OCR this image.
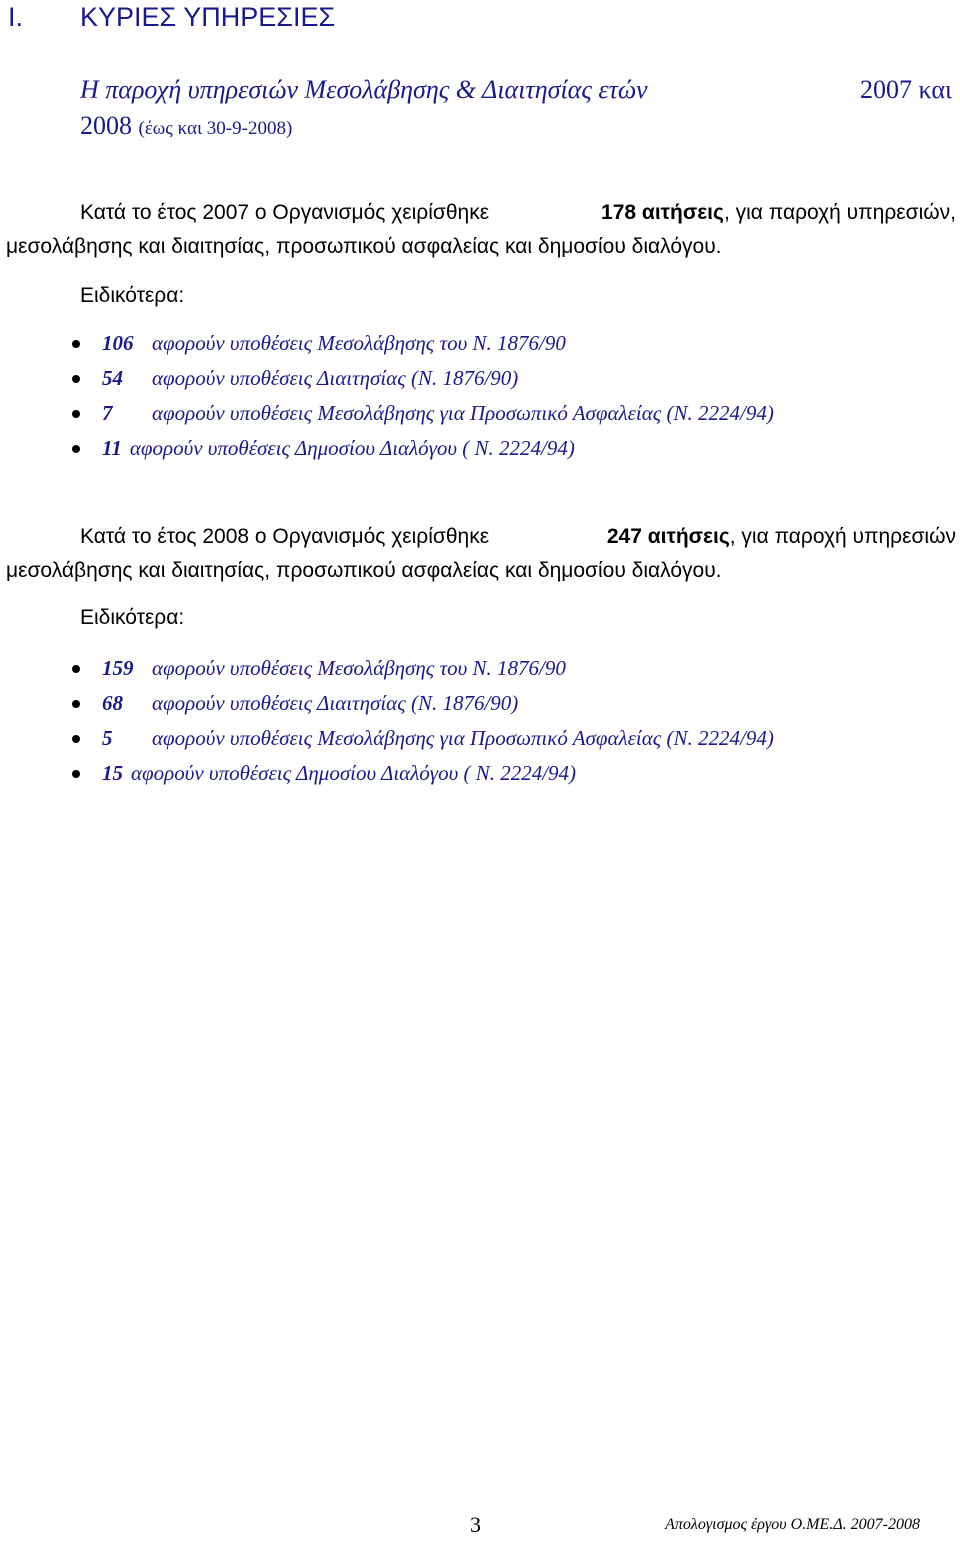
I. ΚΥΡΙΕΣ ΥΠΗΡΕΣΙΕΣ
Η παροχή υπηρεσιών Μεσολάβησης & Διαιτησίας ετών	2007 και
2008 (έως και 30-9-2008)
Κατά το έτος 2007 ο Οργανισμός χειρίσθηκε	178 αιτήσεις, για παροχή υπηρεσιών,
μεσολάβησης και διαιτησίας, προσωπικού ασφαλείας και δημοσίου διαλόγου.
Ειδικότερα:
106 αφορούν υποθέσεις Μεσολάβησης του Ν. 1876/90
54	αφορούν υποθέσεις Διαιτησίας (Ν. 1876/90)
7	αφορούν υποθέσεις Μεσολάβησης για Προσωπικό Ασφαλείας (Ν. 2224/94)
11 αφορούν υποθέσεις Δημοσίου Διαλόγου ( Ν. 2224/94)
Κατά το έτος 2008 ο Οργανισμός χειρίσθηκε	247 αιτήσεις, για παροχή υπηρεσιών
μεσολάβησης και διαιτησίας, προσωπικού ασφαλείας και δημοσίου διαλόγου.
Ειδικότερα:
159 αφορούν υποθέσεις Μεσολάβησης του Ν. 1876/90
68	αφορούν υποθέσεις Διαιτησίας (Ν. 1876/90)
5	αφορούν υποθέσεις Μεσολάβησης για Προσωπικό Ασφαλείας (Ν. 2224/94)
15 αφορούν υποθέσεις Δημοσίου Διαλόγου ( Ν. 2224/94)
3	Απολογισμος έργου Ο.ΜΕ.Δ. 2007-2008
